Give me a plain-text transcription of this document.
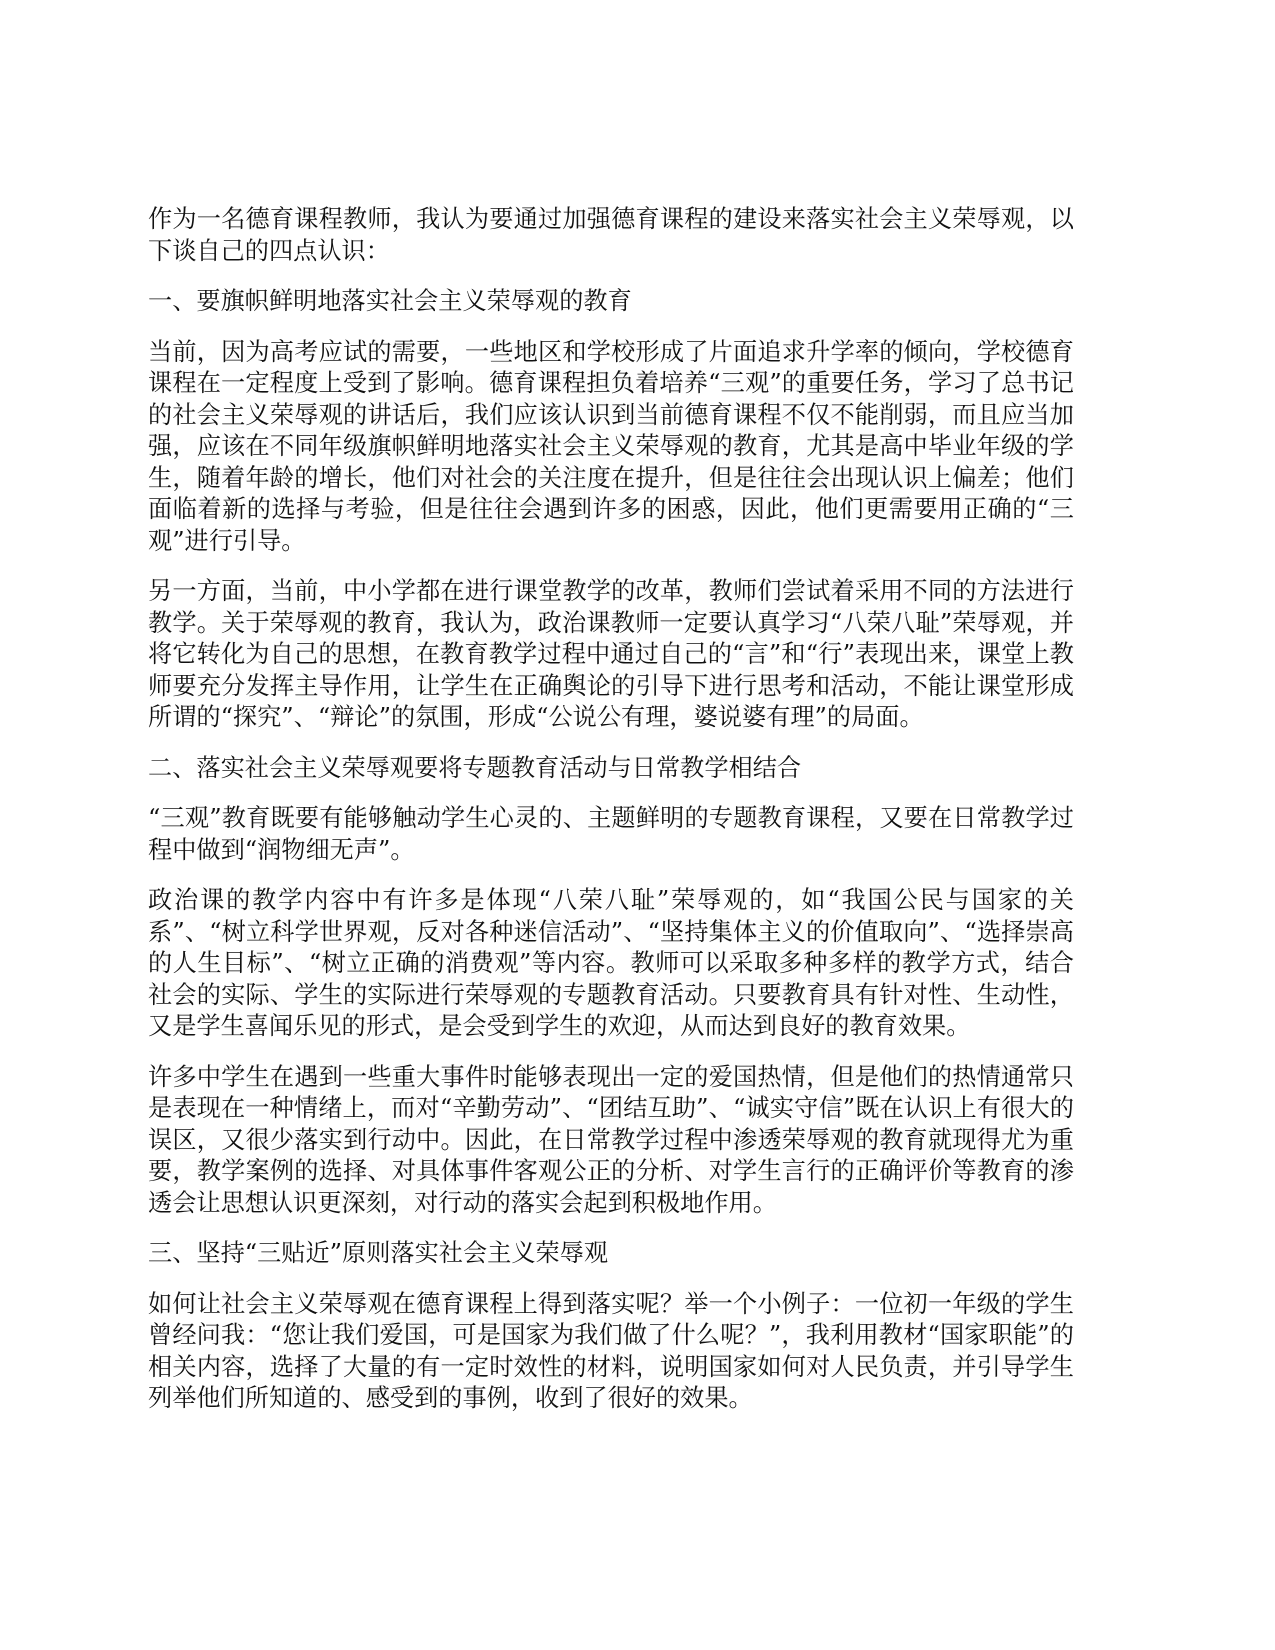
作为一名德育课程教师，我认为要通过加强德育课程的建设来落实社会主义荣辱观，以下谈自己的四点认识：

一、要旗帜鲜明地落实社会主义荣辱观的教育

当前，因为高考应试的需要，一些地区和学校形成了片面追求升学率的倾向，学校德育课程在一定程度上受到了影响。德育课程担负着培养“三观”的重要任务，学习了总书记的社会主义荣辱观的讲话后，我们应该认识到当前德育课程不仅不能削弱，而且应当加强，应该在不同年级旗帜鲜明地落实社会主义荣辱观的教育，尤其是高中毕业年级的学生，随着年龄的增长，他们对社会的关注度在提升，但是往往会出现认识上偏差；他们面临着新的选择与考验，但是往往会遇到许多的困惑，因此，他们更需要用正确的“三观”进行引导。

另一方面，当前，中小学都在进行课堂教学的改革，教师们尝试着采用不同的方法进行教学。关于荣辱观的教育，我认为，政治课教师一定要认真学习“八荣八耻”荣辱观，并将它转化为自己的思想，在教育教学过程中通过自己的“言”和“行”表现出来，课堂上教师要充分发挥主导作用，让学生在正确舆论的引导下进行思考和活动，不能让课堂形成所谓的“探究”、“辩论”的氛围，形成“公说公有理，婆说婆有理”的局面。

二、落实社会主义荣辱观要将专题教育活动与日常教学相结合

“三观”教育既要有能够触动学生心灵的、主题鲜明的专题教育课程，又要在日常教学过程中做到“润物细无声”。

政治课的教学内容中有许多是体现“八荣八耻”荣辱观的，如“我国公民与国家的关系”、“树立科学世界观，反对各种迷信活动”、“坚持集体主义的价值取向”、“选择崇高的人生目标”、“树立正确的消费观”等内容。教师可以采取多种多样的教学方式，结合社会的实际、学生的实际进行荣辱观的专题教育活动。只要教育具有针对性、生动性，又是学生喜闻乐见的形式，是会受到学生的欢迎，从而达到良好的教育效果。

许多中学生在遇到一些重大事件时能够表现出一定的爱国热情，但是他们的热情通常只是表现在一种情绪上，而对“辛勤劳动”、“团结互助”、“诚实守信”既在认识上有很大的误区，又很少落实到行动中。因此，在日常教学过程中渗透荣辱观的教育就现得尤为重要，教学案例的选择、对具体事件客观公正的分析、对学生言行的正确评价等教育的渗透会让思想认识更深刻，对行动的落实会起到积极地作用。

三、坚持“三贴近”原则落实社会主义荣辱观

如何让社会主义荣辱观在德育课程上得到落实呢？举一个小例子：一位初一年级的学生曾经问我：“您让我们爱国，可是国家为我们做了什么呢？”，我利用教材“国家职能”的相关内容，选择了大量的有一定时效性的材料，说明国家如何对人民负责，并引导学生列举他们所知道的、感受到的事例，收到了很好的效果。
